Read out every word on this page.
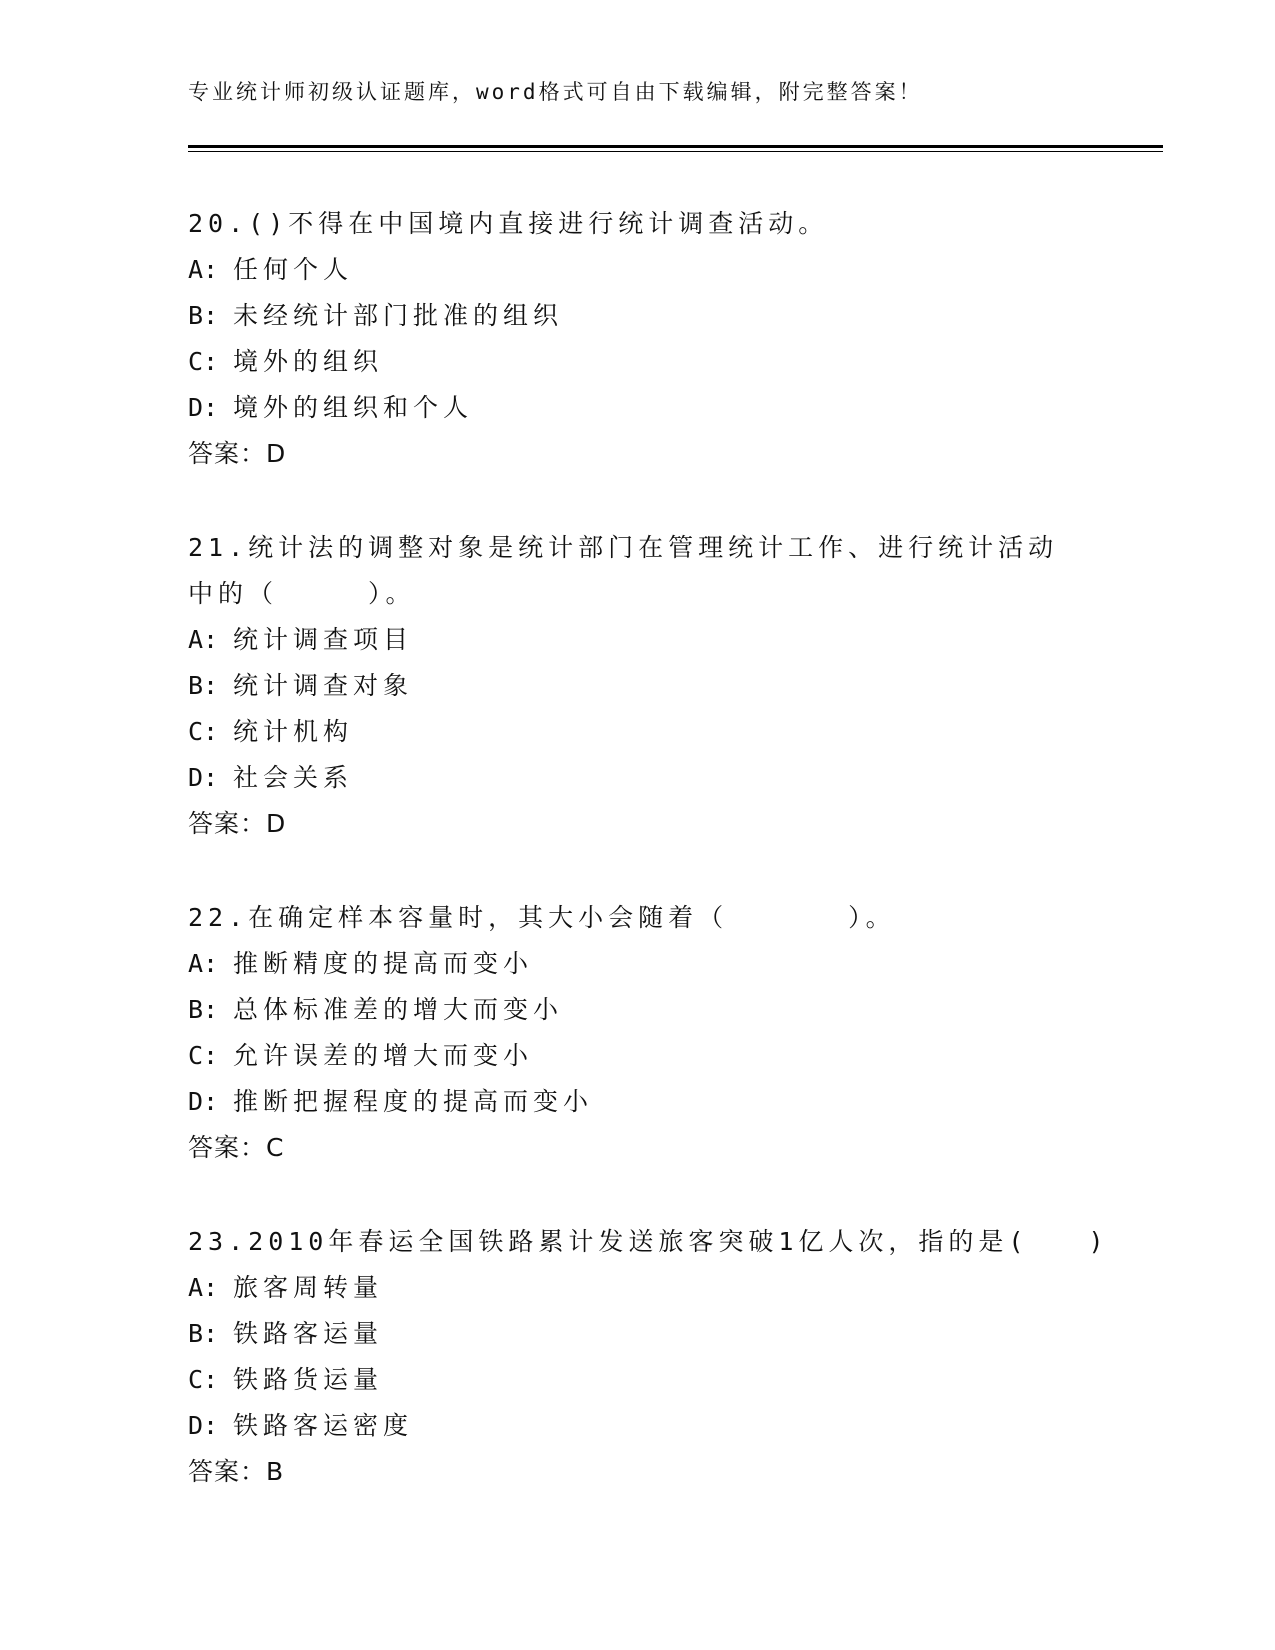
专业统计师初级认证题库，word格式可自由下载编辑，附完整答案！
20.()不得在中国境内直接进行统计调查活动。
A: 任何个人
B: 未经统计部门批准的组织
C: 境外的组织
D: 境外的组织和个人
答案：D
21.统计法的调整对象是统计部门在管理统计工作、进行统计活动中的（　　　）。
A: 统计调查项目
B: 统计调查对象
C: 统计机构
D: 社会关系
答案：D
22.在确定样本容量时，其大小会随着（　　　　）。
A: 推断精度的提高而变小
B: 总体标准差的增大而变小
C: 允许误差的增大而变小
D: 推断把握程度的提高而变小
答案：C
23.2010年春运全国铁路累计发送旅客突破1亿人次，指的是(　　)
A: 旅客周转量
B: 铁路客运量
C: 铁路货运量
D: 铁路客运密度
答案：B
